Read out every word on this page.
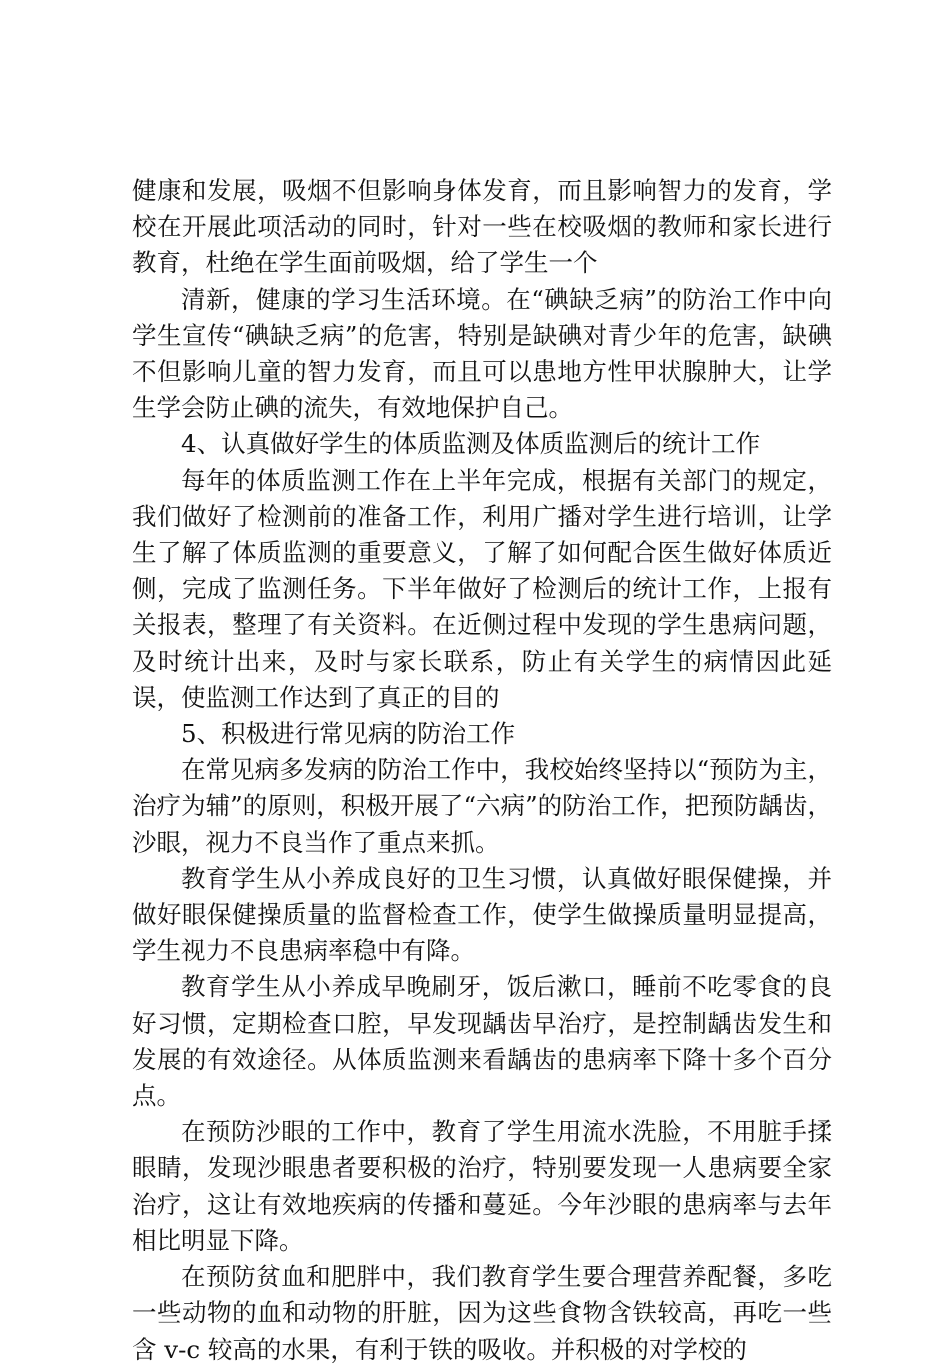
健康和发展，吸烟不但影响身体发育，而且影响智力的发育，学校在开展此项活动的同时，针对一些在校吸烟的教师和家长进行教育，杜绝在学生面前吸烟，给了学生一个

清新，健康的学习生活环境。在“碘缺乏病”的防治工作中向学生宣传“碘缺乏病”的危害，特别是缺碘对青少年的危害，缺碘不但影响儿童的智力发育，而且可以患地方性甲状腺肿大，让学生学会防止碘的流失，有效地保护自己。

4、认真做好学生的体质监测及体质监测后的统计工作

每年的体质监测工作在上半年完成，根据有关部门的规定，我们做好了检测前的准备工作，利用广播对学生进行培训，让学生了解了体质监测的重要意义，了解了如何配合医生做好体质近侧，完成了监测任务。下半年做好了检测后的统计工作，上报有关报表，整理了有关资料。在近侧过程中发现的学生患病问题，及时统计出来，及时与家长联系，防止有关学生的病情因此延误，使监测工作达到了真正的目的

5、积极进行常见病的防治工作

在常见病多发病的防治工作中，我校始终坚持以“预防为主，治疗为辅”的原则，积极开展了“六病”的防治工作，把预防龋齿，沙眼，视力不良当作了重点来抓。

教育学生从小养成良好的卫生习惯，认真做好眼保健操，并做好眼保健操质量的监督检查工作，使学生做操质量明显提高，学生视力不良患病率稳中有降。

教育学生从小养成早晚刷牙，饭后漱口，睡前不吃零食的良好习惯，定期检查口腔，早发现龋齿早治疗，是控制龋齿发生和发展的有效途径。从体质监测来看龋齿的患病率下降十多个百分点。

在预防沙眼的工作中，教育了学生用流水洗脸，不用脏手揉眼睛，发现沙眼患者要积极的治疗，特别要发现一人患病要全家治疗，这让有效地疾病的传播和蔓延。今年沙眼的患病率与去年相比明显下降。

在预防贫血和肥胖中，我们教育学生要合理营养配餐，多吃一些动物的血和动物的肝脏，因为这些食物含铁较高，再吃一些含 v-c 较高的水果，有利于铁的吸收。并积极的对学校的
